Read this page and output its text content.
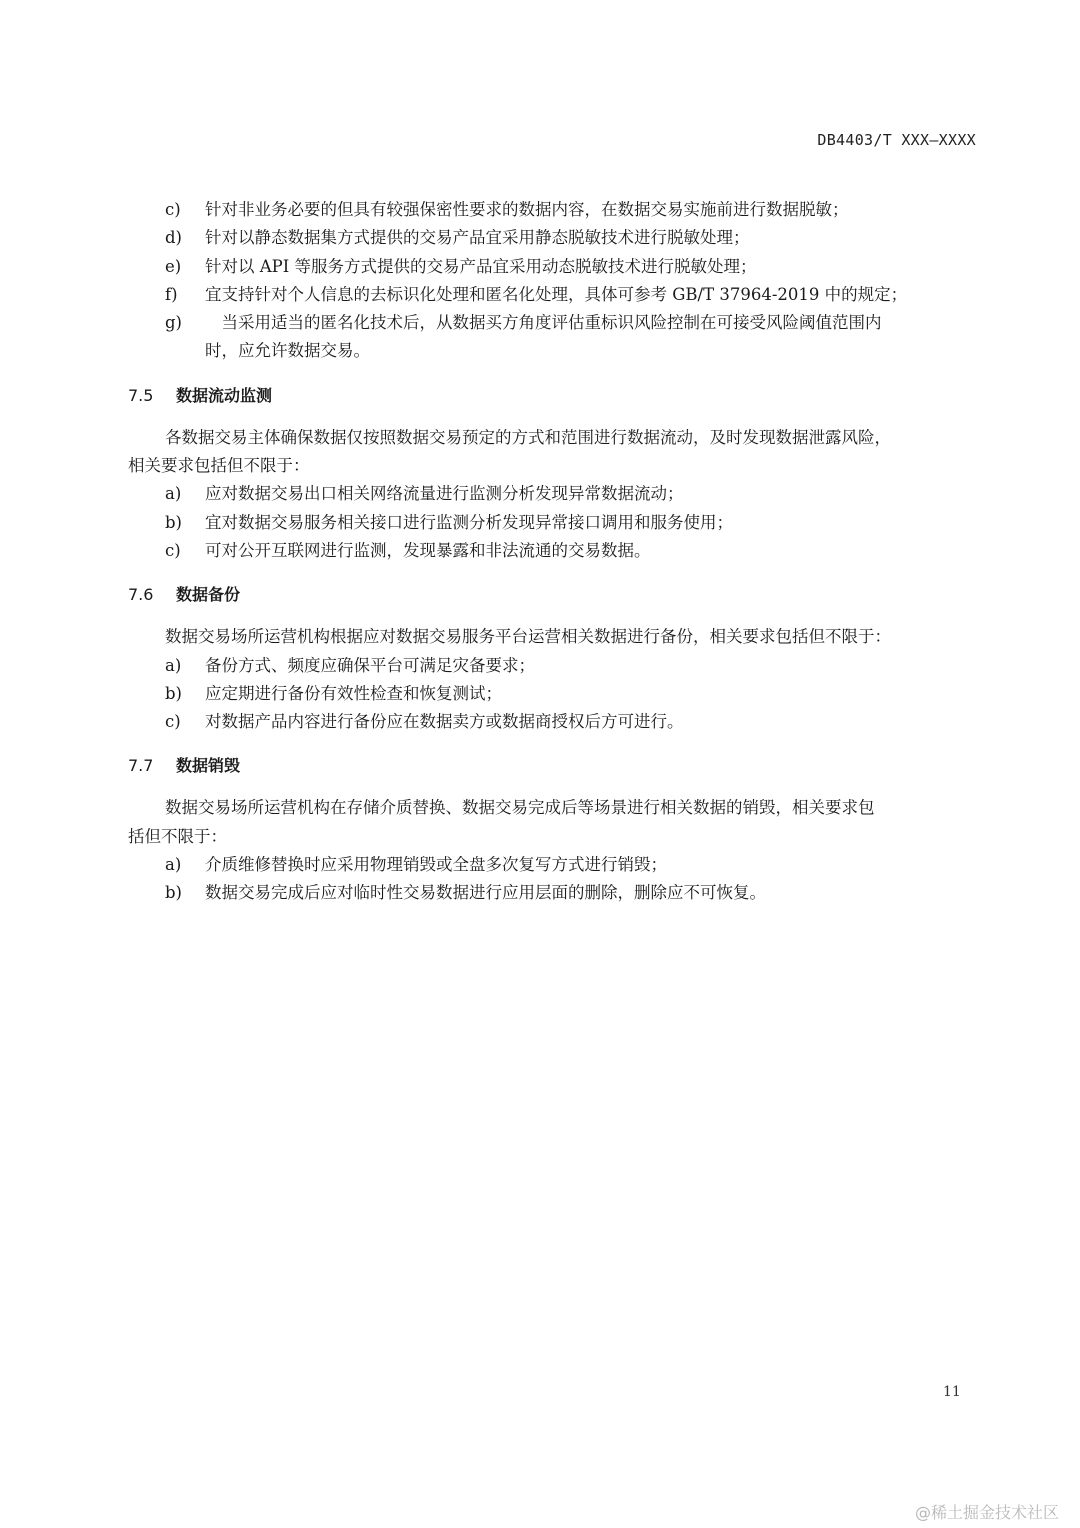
DB4403/T XXX—XXXX
c) 针对非业务必要的但具有较强保密性要求的数据内容，在数据交易实施前进行数据脱敏；
d) 针对以静态数据集方式提供的交易产品宜采用静态脱敏技术进行脱敏处理；
e) 针对以 API 等服务方式提供的交易产品宜采用动态脱敏技术进行脱敏处理；
f) 宜支持针对个人信息的去标识化处理和匿名化处理，具体可参考 GB/T 37964-2019 中的规定；
g) 　当采用适当的匿名化技术后，从数据买方角度评估重标识风险控制在可接受风险阈值范围内
时，应允许数据交易。
7.5 数据流动监测
各数据交易主体确保数据仅按照数据交易预定的方式和范围进行数据流动，及时发现数据泄露风险，
相关要求包括但不限于：
a) 应对数据交易出口相关网络流量进行监测分析发现异常数据流动；
b) 宜对数据交易服务相关接口进行监测分析发现异常接口调用和服务使用；
c) 可对公开互联网进行监测，发现暴露和非法流通的交易数据。
7.6 数据备份
数据交易场所运营机构根据应对数据交易服务平台运营相关数据进行备份，相关要求包括但不限于：
a) 备份方式、频度应确保平台可满足灾备要求；
b) 应定期进行备份有效性检查和恢复测试；
c) 对数据产品内容进行备份应在数据卖方或数据商授权后方可进行。
7.7 数据销毁
数据交易场所运营机构在存储介质替换、数据交易完成后等场景进行相关数据的销毁，相关要求包
括但不限于：
a) 介质维修替换时应采用物理销毁或全盘多次复写方式进行销毁；
b) 数据交易完成后应对临时性交易数据进行应用层面的删除，删除应不可恢复。
11
@稀土掘金技术社区
